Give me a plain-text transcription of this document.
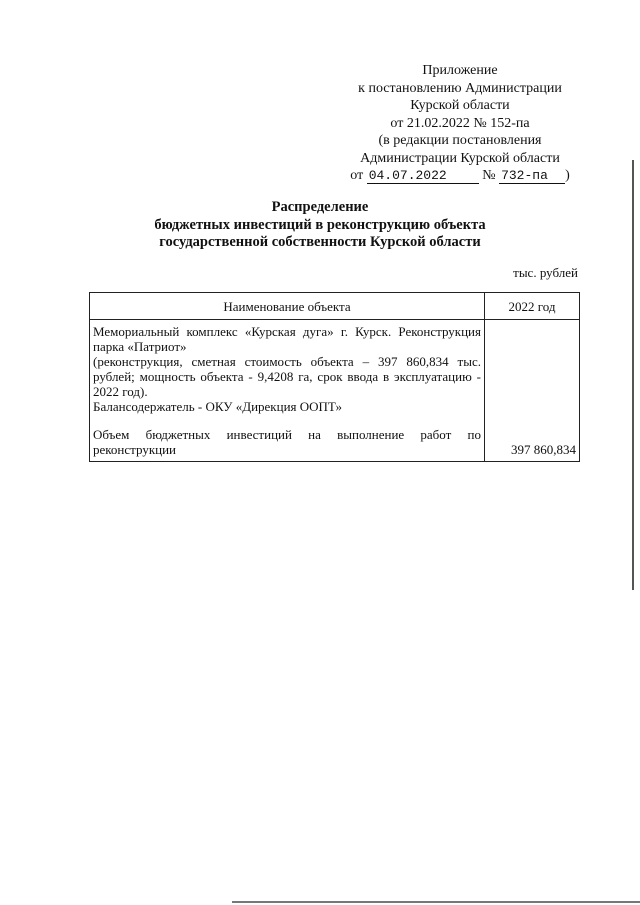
Приложение
к постановлению Администрации
Курской области
от 21.02.2022 № 152-па
(в редакции постановления
Администрации Курской области
от 04.07.2022	№ 732-па )
Распределение
бюджетных инвестиций в реконструкцию объекта
государственной собственности Курской области
тыс. рублей
Наименование объекта	2022 год

Мемориальный комплекс «Курская дуга» г. Курск. Реконструкция парка «Патриот»
(реконструкция, сметная стоимость объекта – 397 860,834 тыс. рублей; мощность объекта - 9,4208 га, срок ввода в эксплуатацию - 2022 год).
Балансодержатель - ОКУ «Дирекция ООПТ»
Объем бюджетных инвестиций на выполнение работ по реконструкции	397 860,834
